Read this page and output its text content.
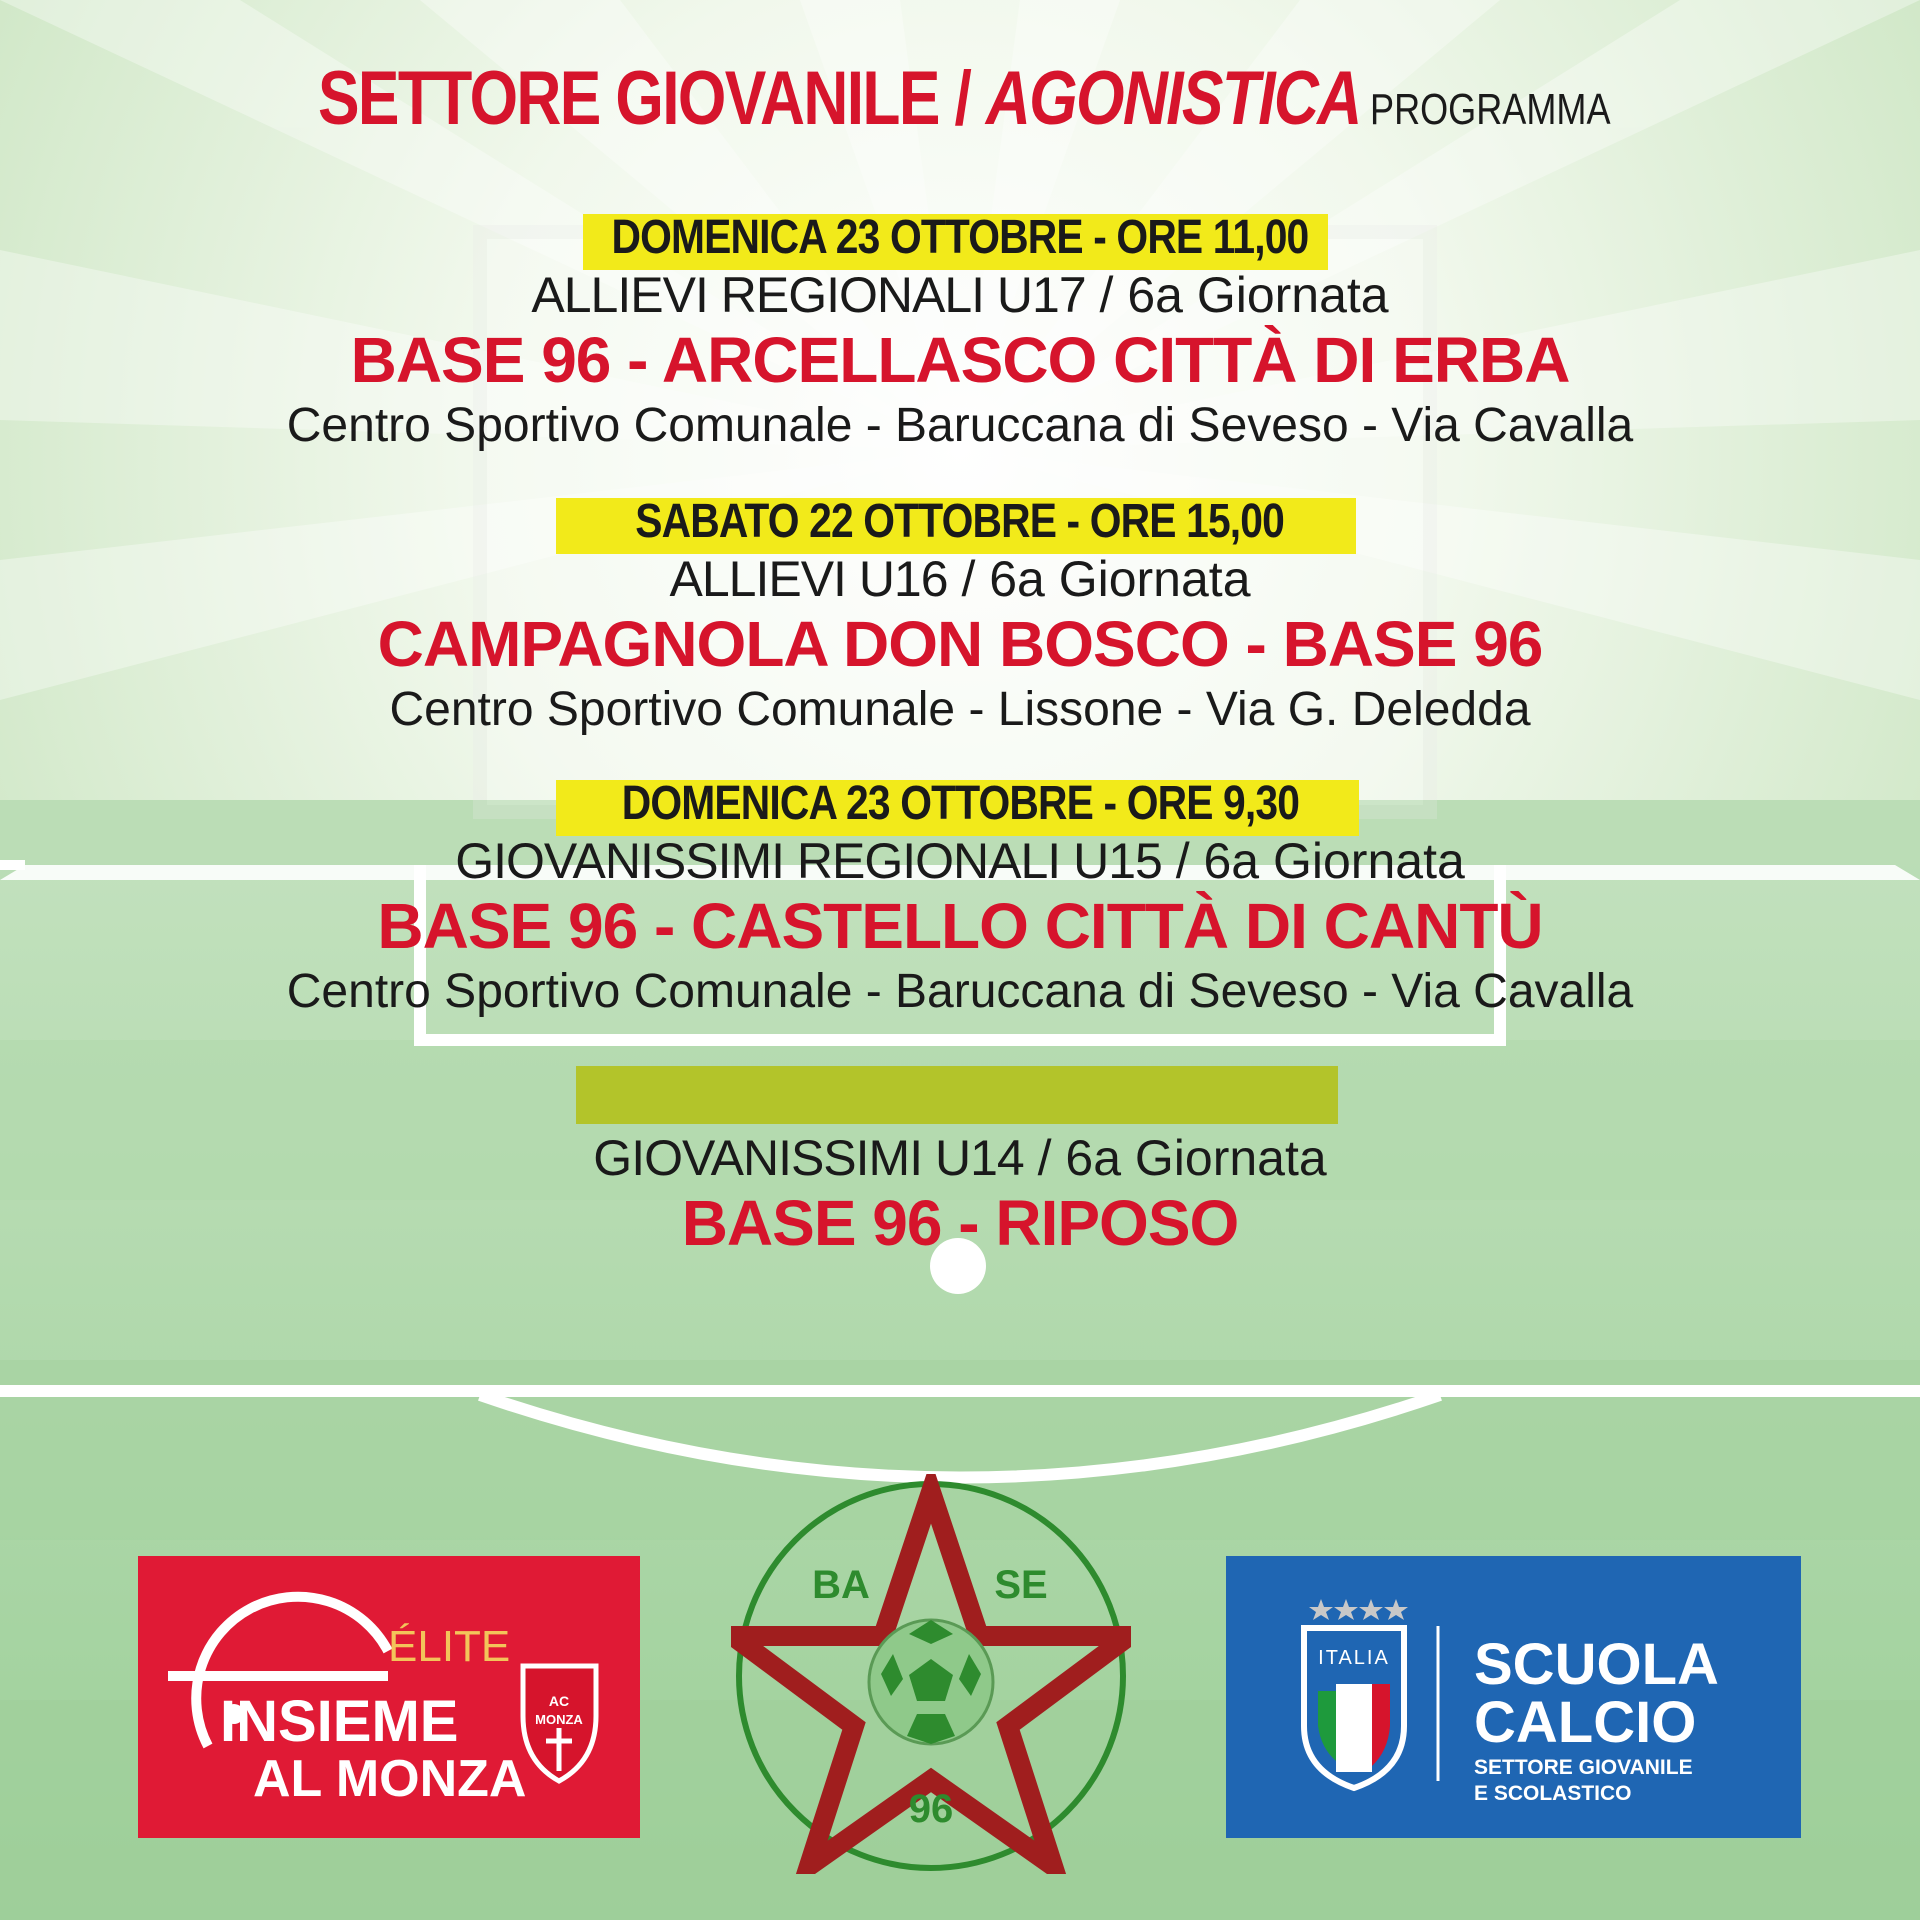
SETTORE GIOVANILE / AGONISTICA PROGRAMMA
DOMENICA 23 OTTOBRE - ORE 11,00
ALLIEVI REGIONALI U17 / 6a Giornata
BASE 96 - ARCELLASCO CITTÀ DI ERBA
Centro Sportivo Comunale - Baruccana di Seveso - Via Cavalla
SABATO 22 OTTOBRE - ORE 15,00
ALLIEVI U16 / 6a Giornata
CAMPAGNOLA DON BOSCO - BASE 96
Centro Sportivo Comunale - Lissone - Via G. Deledda
DOMENICA 23 OTTOBRE - ORE 9,30
GIOVANISSIMI REGIONALI U15 / 6a Giornata
BASE 96 - CASTELLO CITTÀ DI CANTÙ
Centro Sportivo Comunale - Baruccana di Seveso - Via Cavalla
GIOVANISSIMI U14 / 6a Giornata
BASE 96 - RIPOSO
ÉLITE
INSIEME
AL MONZA
AC
MONZA
BA	SE
96
ITALIA SCUOLA
CALCIO
SETTORE GIOVANILE
E SCOLASTICO
